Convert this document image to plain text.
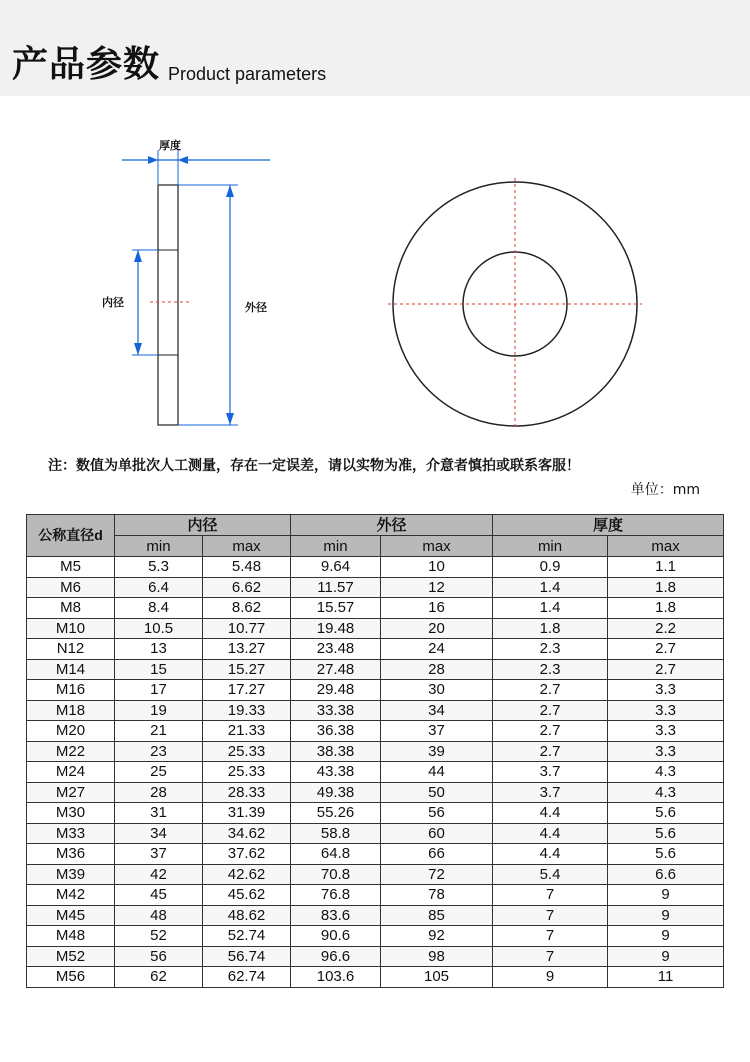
产品参数 Product parameters
厚度
内径	外径
注：数值为单批次人工测量，存在一定误差，请以实物为准，介意者慎拍或联系客服！
单位：mm
公称直径d	内径		外径		厚度	
	min	max	min	max	min	max
M5	5.3	5.48	9.64	10	0.9	1.1
M6	6.4	6.62	11.57	12	1.4	1.8
M8	8.4	8.62	15.57	16	1.4	1.8
M10	10.5	10.77	19.48	20	1.8	2.2
N12	13	13.27	23.48	24	2.3	2.7
M14	15	15.27	27.48	28	2.3	2.7
M16	17	17.27	29.48	30	2.7	3.3
M18	19	19.33	33.38	34	2.7	3.3
M20	21	21.33	36.38	37	2.7	3.3
M22	23	25.33	38.38	39	2.7	3.3
M24	25	25.33	43.38	44	3.7	4.3
M27	28	28.33	49.38	50	3.7	4.3
M30	31	31.39	55.26	56	4.4	5.6
M33	34	34.62	58.8	60	4.4	5.6
M36	37	37.62	64.8	66	4.4	5.6
M39	42	42.62	70.8	72	5.4	6.6
M42	45	45.62	76.8	78	7	9
M45	48	48.62	83.6	85	7	9
M48	52	52.74	90.6	92	7	9
M52	56	56.74	96.6	98	7	9
M56	62	62.74	103.6	105	9	11
